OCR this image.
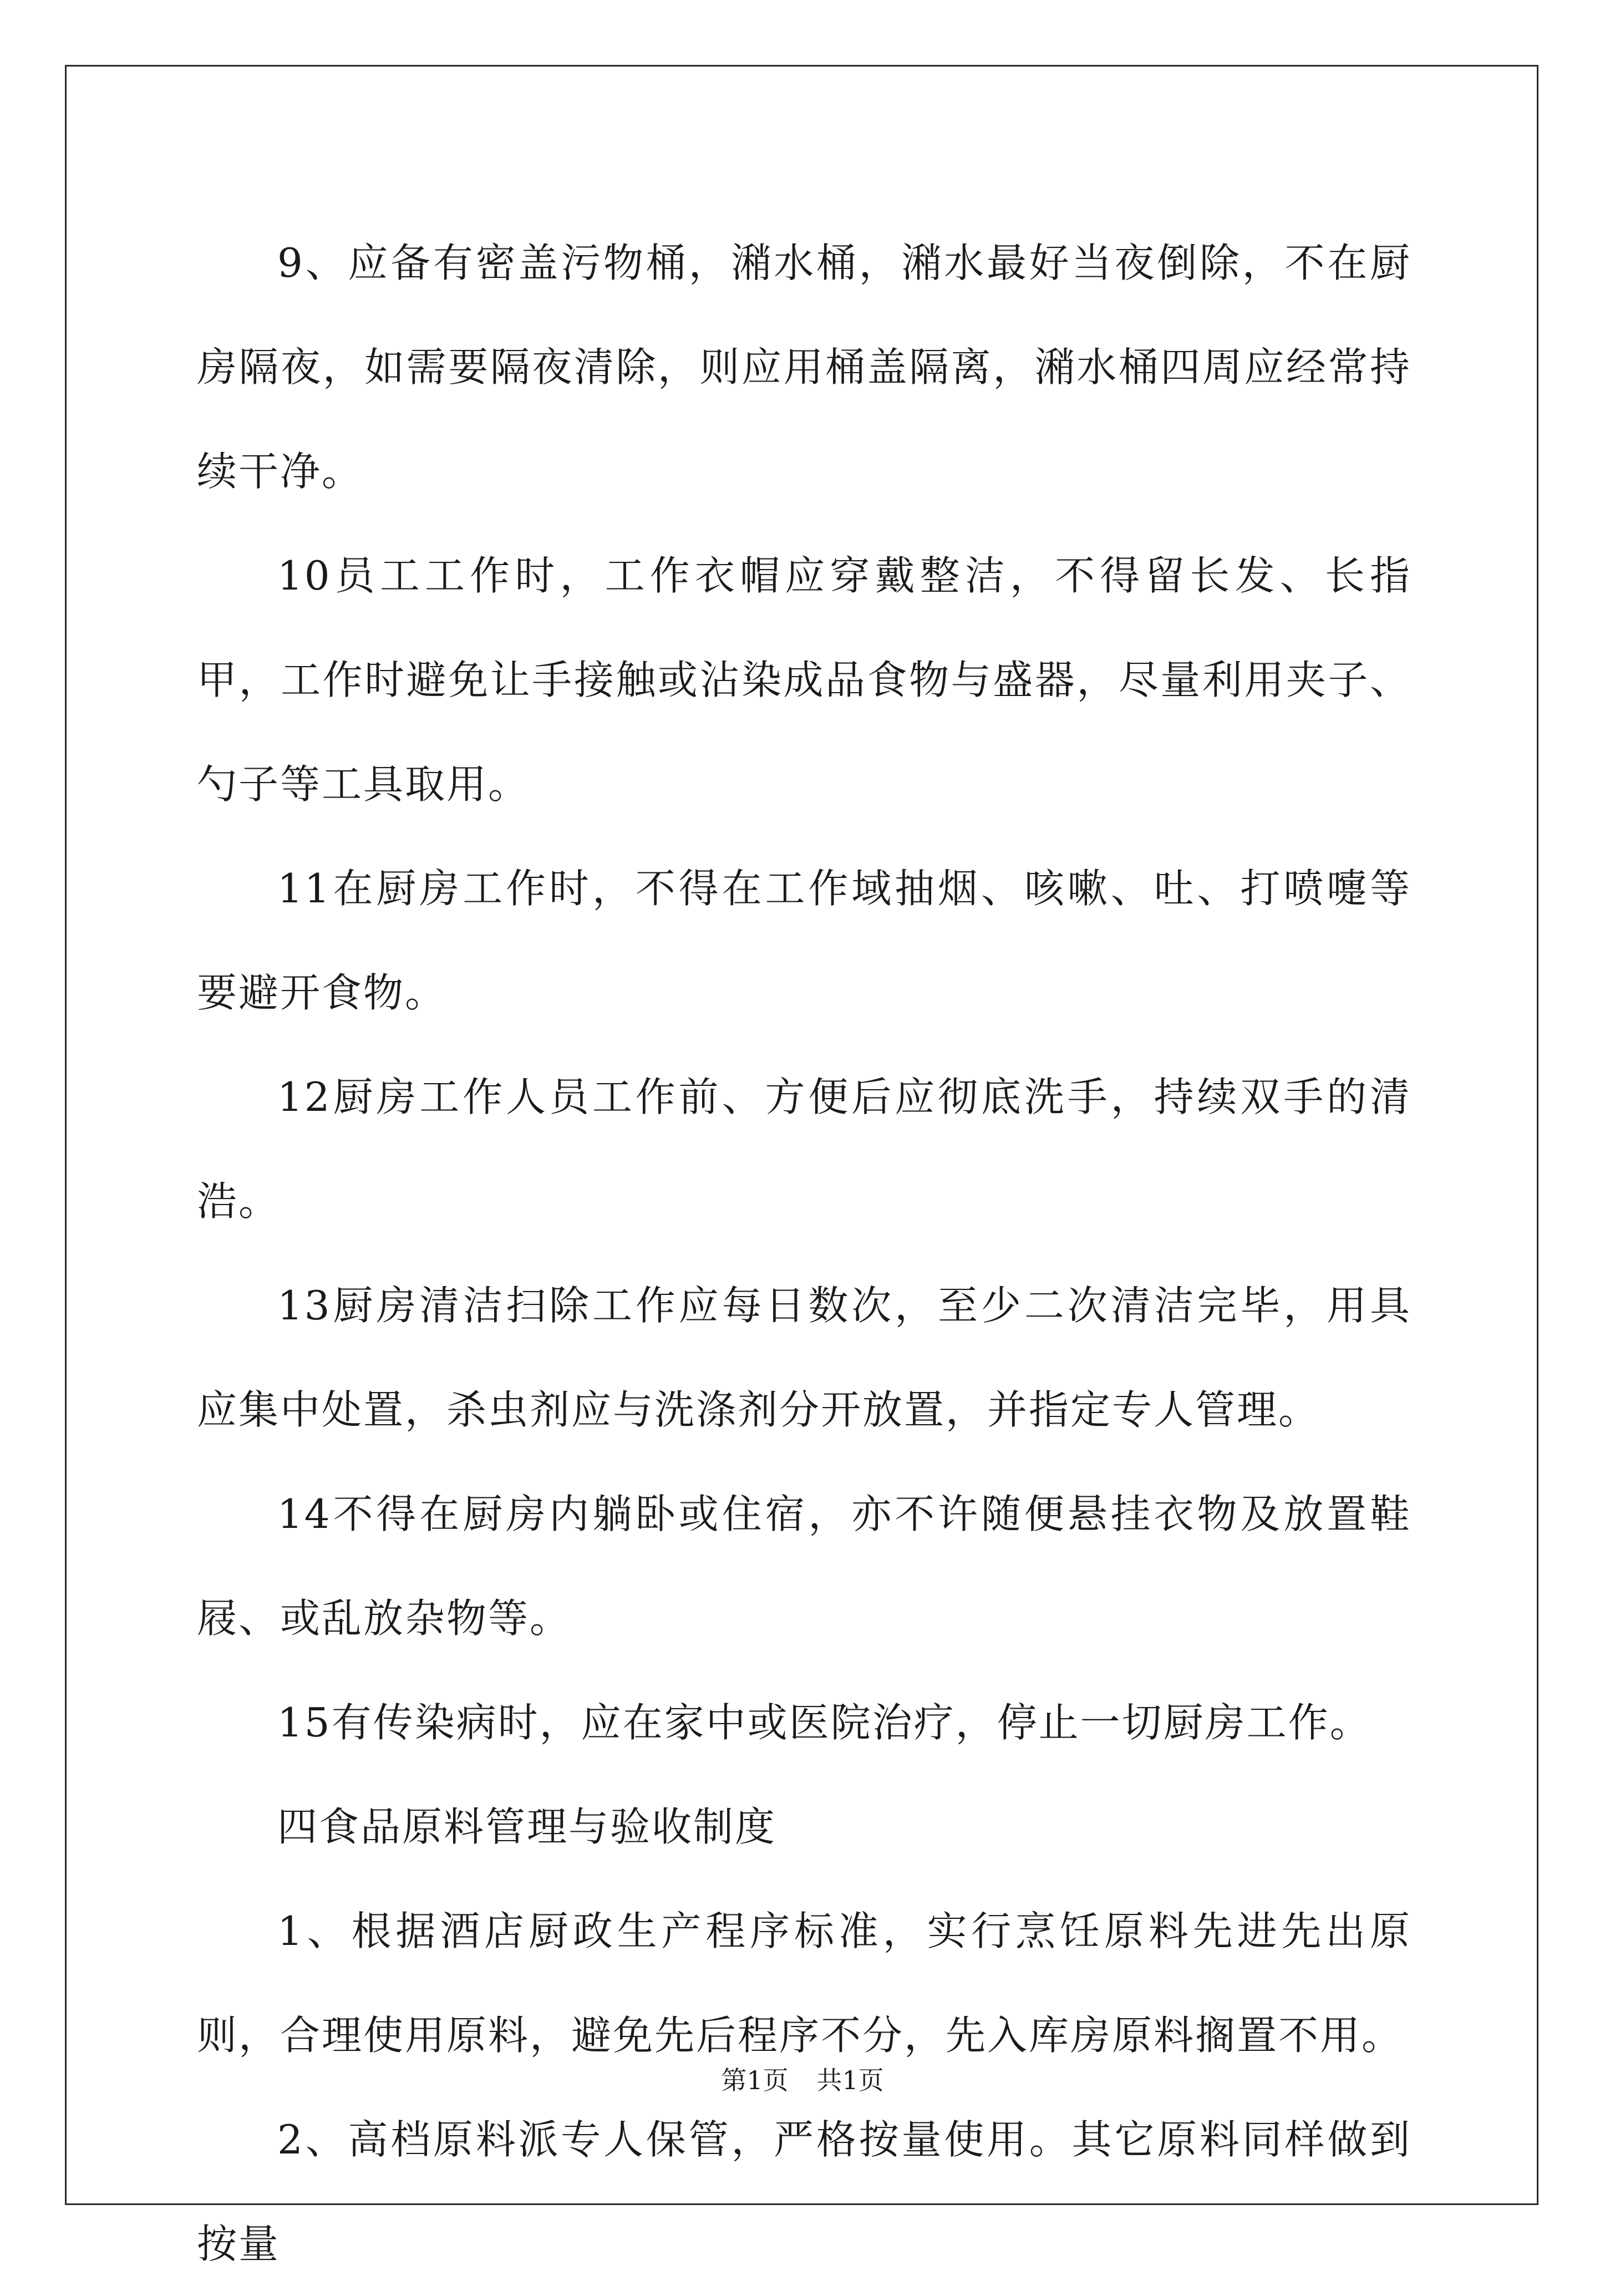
9、应备有密盖污物桶，潲水桶，潲水最好当夜倒除，不在厨房隔夜，如需要隔夜清除，则应用桶盖隔离，潲水桶四周应经常持续干净。

10员工工作时，工作衣帽应穿戴整洁，不得留长发、长指甲，工作时避免让手接触或沾染成品食物与盛器，尽量利用夹子、勺子等工具取用。

11在厨房工作时，不得在工作域抽烟、咳嗽、吐、打喷嚏等要避开食物。

12厨房工作人员工作前、方便后应彻底洗手，持续双手的清浩。

13厨房清洁扫除工作应每日数次，至少二次清洁完毕，用具应集中处置，杀虫剂应与洗涤剂分开放置，并指定专人管理。

14不得在厨房内躺卧或住宿，亦不许随便悬挂衣物及放置鞋屐、或乱放杂物等。

15有传染病时，应在家中或医院治疗，停止一切厨房工作。

四食品原料管理与验收制度

1、根据酒店厨政生产程序标准，实行烹饪原料先进先出原则，合理使用原料，避免先后程序不分，先入库房原料搁置不用。

2、高档原料派专人保管，严格按量使用。其它原料同样做到按量

第1页 共1页
